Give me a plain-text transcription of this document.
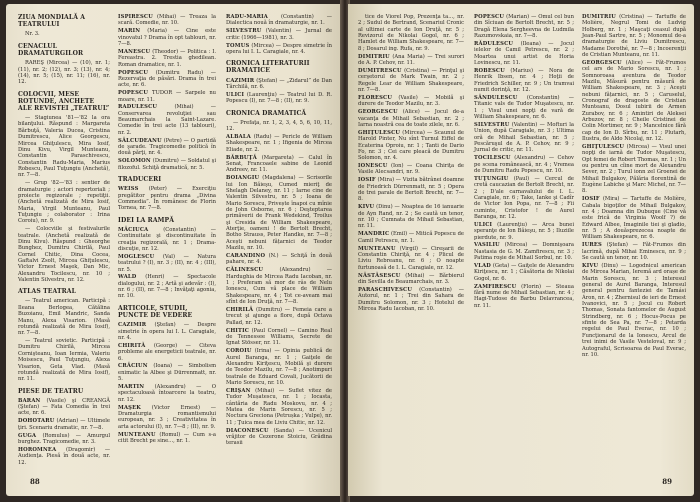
ZIUA MONDIALĂ A TEATRULUI
Nr. 3.
CENACLUL DRAMATURGILOR
RAREŞ (Mircea) — (10), nr. 1; (11), nr. 2; (12), nr. 3; (13), nr. 4; (14), nr. 5; (15), nr. 11; (16), nr. 12.
COLOCVII, MESE ROTUNDE, ANCHETE ALE REVISTEI „TEATRUL”
— Stagiunea '81—'82 la ora bilanţului. Răspund : Margareta Bărbuţă, Valeria Ducea, Cristina Dumitrescu, Alice Georgescu, Mircea Ghiţulescu, Mira Iosif, Dinu Kivu, Virgil Munteanu, Constantin Paraschivescu, Constantin Radu-Maria, Marius Robescu, Paul Tuţungiu (Anchetă), nr. 7—8.
— Grup '82—'83 : sentier de dramaturgie ; actori repertoriali ; proiecte regizorale ; repetiţii. (Anchetă realizată de Mira Iosif, Maria, Virgil Munteanu, Paul Tuţungiu ; colaborator : Irina Coroiu), nr. 9.
— Colocviile şi festivalurile teatrale. (Anchetă realizată de Dinu Kivu). Răspund : Gheorghe Bunghez, Dumitru Chirilă, Paul Cornel Chitic, Dina Cocea, Gaftalvi Zsolt, Mircea Ghiţulescu, Victor Ernest Maşek, Dan Mic, Alexandru Tocilescu, nr. 10 ; Valentin Silvestru, nr. 12.
ATLAS TEATRAL
— Teatrul american. Participă : Ileana Berlogea, Cătălina Buzoianu, Emil Mandric, Sanda Manu, Alexa Visarion. (Masă rotundă realizată de Mira Iosif), nr. 7—8.
— Teatrul sovietic. Participă : Dumitru Chirilă, Mircea Cornişteanu, Ioan Iermia, Valeriu Moisescu, Paul Tuţungiu, Alexa Visarion, Geta Vlad. (Masă rotundă realizată de Mira Iosif), nr. 11.
PIESE DE TEATRU
BARAN (Vasile) şi CREANGĂ (Ştefan) — Fata Comedia în trei acte, nr. 6.
DOHOTARU (Adrian) — Ultimele ţiri. Scenariu dramatic, nr. 7—8.
GUGA (Romulus) — Amurgul burghez. Tragicomedie, nr. 3.
HOROMNEA (Dragomir) — Audienţa. Piesă în două acte, nr. 12.
ISPIRESCU (Mihai) — Treaza la scară. Comedie, nr. 10.
MARIN (Maria) — Cine este vinovatul ? Drama în opt tablouri, nr. 7—8.
MANESCU (Theodor) — Politica : I. Fereastra. 2. Trestia ghedilean. Roman dramatice, nr. 1.
POPESCU (Dumitru Radu) — Rezervaţia de păsări. Drama în trei acte, nr. 6.
POPESCU TUDOR — Sarpele nu moare, nr. 11.
RADULESCU	(Mihai) — Conservarea revoluţiei sau Beaumarchais la Saint-Lazare. Comedie în trei acte (13 tablouri), nr. 2.
SĂLCUDEANU (Petre) — O partidă de şarade. Tragicomedie politică în două părţi, nr. 4.
SOLOMON (Dumitru) — Soldatul şi filozoful. Schiţă dramatică, nr. 5.
TRADUCERI
WEISS (Peter) — Exerciţiu pregătitor pentru drama „Divina Commedia”. În românesc de Florin Tornea, nr. 7—8.
IDEI LA RAMPĂ
MĂCIUCA	(Constantin) — Continuitate şi discontinuitate în creaţia regizorală, nr. 1 ; Drama-discuţie, nr. 12.
MOGLESCU (Val) — Natura teatrului ? (I), nr. 3 ; (II), nr. 4 ; (III), nr. 5.
WALD (Henri) — Spectacole dialogului, nr. 2 ; Artă şi adevăr : (I), nr. 6 ; (II), nr. 7—8 ; Invăţaţi agonia, nr. 10.
ARTICOLE, STUDII, PUNCTE DE VEDERE
CAZIMIR (Ştefan) — Despre simetrie în opera lui I. L. Caragiale, nr. 4.
CHIRITĂ (George) — Citeva probleme ale energeticii teatrale, nr. 6.
CRĂCIUN (Ioana) — Simbolism enimatic la Albee şi Dürrenmatt, nr. 5.
MARTIN (Alexandru) — O spectaculoasă întoarcere la teatru, nr. 12.
MAŞEK (Victor Ernest) — Dramaturgia romantismului european, nr. 3 ; Creativitatea în arta actorului (I), nr. 7—8 ; (II), nr. 9.
MUNTEANU (Romul) — Cum s-a citit Brecht pe sine..., nr. 1.
RADU-MARIA	(Constantin) — Dialectica nouă în dramaturgie, nr. 1.
SILVESTRU (Valentin) — Jurnal de critic (1966—1981), nr. 3.
TOMUS (Mircea) — Despre simetrie în opera lui I. L. Caragiale, nr. 4.
CRONICA LITERATURII DRAMATICE
CAZIMIR (Ştefan) — „Zidarul” de Dan Tărchilă, nr. 6.
ULICI (Laurenţiu) — Teatrul lui D. R. Popescu (I), nr. 7—8 ; (II), nr. 9.
CRONICA DRAMATICĂ
— Prefaţa, nr. 1, 2, 3, 4, 5, 6, 10, 11, 12.
ALBALA (Radu) — Pericle de William Shakespeare, nr. 1 ; Ifigenia de Mircea Eliade, nr. 2.
BĂRBUŢĂ (Margareta) — Calul în Senat, Francoaele sabine de Leonid Andreev, nr. 11.
BOIANGIU (Magdalena) — Scrisorile lui Ion Băieşu, Cumed mieriţ de Shelagh Delaney, nr. 11 ; Iarne cine de Valentin Silvestru, nr. 5 ; Ioana de Mario Sorescu, Privește înapoi cu mînie de John Osborne, nr. 6 ; Deşteptarea primăverii de Frank Wedekind, Troilus şi Cresida de William Shakespeare, Aterţie, oameni ! de Bertolt Brecht, Botho Strauss, Peter Handke, nr. 7—8 ; Acești nebuni fățarnici de Teodor Mazilu, nr. 10.
CARANDINO (N.) — Schiţă în două pahare, nr. 4.
CĂLINESCU	(Alexandru) — Hardughia de Mircea Radu Iacoban, nr. 1 ; Preferam să mor de râs de Nelu Ionescu, Cum vă place de William Shakespeare, nr. 4 ; Tot ce-aveam mai sfînt de Ion Druţă, nr. 7—8.
CHIRILĂ (Dumitru) — Femeia care a trecut şi ajunge a flore, după Octava Pallad, nr. 12.
CHITIC (Paul Cornel) — Camino Real de Tennessee Williams, Secrete de Ignat Stösser, nr. 11.
COROIU (Irina) — Opinia publică de Aurel Baranga, nr. 1 ; Gaiţele de Alexandru Kiriţescu, Mobilă şi durere de Teodor Mazilu, nr. 7—8 ; Anotimpuri teatrale de Eduard Covali, Jucătorii de Mario Sorescu, nr. 10.
CRIŞAN (Mihai) — Suflet vitez de Tudor Mușatescu, nr. 1 ; Iocasta, cântăria de Radu Moskovu, nr. 4 ; Matea de Marin Sorescu, nr. 5 ; Noctura Greciona (Petrușka ; Vulpe), nr. 11 ; Ţuica mea de Liviu Chitic, nr. 12.
DIACONESCU (Sanda) — Ucenicul vrăjitor de Cezerone Stoiciu, Grădina terasii
88
tice de Viorel Pop, Prezenţa ta..., nr. 2 ; Sudul de Bertrand, Scenariul Cronic al ultimei carte de Ion Druţă, nr. 5 ; Revizorul de Nikolai Gogol, nr. 6 ; Hamlet de William Shakespeare, nr. 7—8 ; Dosarul ing. Rufa, nr. 9.
DIMITRIU (Ana Maria) — Trei surori de A. P. Cehov, nr. 11.
DUMITRESCU (Cristina) — Prinţul şi cerşetorul de Mark Twain, nr. 2 ; Regele Lear de William Shakespeare, nr. 7—8.
FLORESCU (Vasile) — Mobilă şi durere de Teodor Mazilu, nr. 3.
GEORGESCU (Alice) — Jocul de-a vacanţa de Mihail Sebastian, nr. 2 ; Iarna noastră cea de toate zilele, nr. 6.
GHIŢULESCU (Mircea) — Scaunul de Harold Pinter, Nu sînt Turnul Eiffel de Ecaterina Oproiu, nr. 1 ; Tanti de Dario Fo, nr. 3 ; Cei care pleacă de Dumitru Solomon, nr. 4.
IONESCU (Ion) — Coana Chiriţa de Vasile Alecsandri, nr. 9.
IOSIF (Mira) — Vizita bătrânei doamne de Friedrich Dürrenmatt, nr. 5 ; Opera de trei parale de Bertolt Brecht, nr. 7—8.
KIVU (Dinu) — Noaptea de 16 ianuarie de Ayn Rand, nr. 2 ; Se caută un tenor, nr. 10 ; Cumnata de Mihail Sebastian, nr. 11.
MANDRIC (Emil) — Mitică Popescu de Camil Petrescu, nr. 1.
MUNTEANU (Virgil) — Cireşarii de Constantin Chiriţă, nr. 4 ; Plicul de Liviu Rebreanu, nr. 6 ; O noapte furtunoasă de I. L. Caragiale, nr. 12.
NĂSTĂSESCU (Mihai) — Bărbierul din Sevilla de Beaumarchais, nr. 3.
PARASCHIVESCU (Constantin) — Autorul, nr. 1 ; Trei din Sahara de Dumitru Solomon, nr. 3 ; Hotelul de Mircea Radu Iacoban, nr. 10.
POPESCU (Marian) — Omul cel bun din Sîciuan de Bertolt Brecht, nr. 5 ; Dragă Elena Sergheevna de Ludmila Razumovskaia, nr. 7—8.
RĂDULESCU (Ileana) — Jocul ielelor de Camil Petrescu, nr. 2 ; Moartea unui artist de Horia Lovinescu, nr. 11.
ROBESCU (Marius) — Nora de Henrik Ibsen, nr. 4 ; Hoţii de Friedrich Schiller, nr. 9 ; Un tramvai numit dorinţă, nr. 12.
SĂNDULESCU (Constantin) — Titanic vals de Tudor Muşatescu, nr. 1 ; Visul unei nopţi de vară de William Shakespeare, nr. 6.
SILVESTRU (Valentin) — Mofturi la Union, după Caragiale, nr. 3 ; Ultima oră de Mihail Sebastian, nr. 5 ; Pescăruşul de A. P. Cehov, nr. 9 ; Jurnal de critic, nr. 11.
TOCILESCU (Alexandru) — Cehov pe scena românească, nr. 4 ; Vremea de Dumitru Radu Popescu, nr. 10.
TUŢUNGIU (Paul) — Cercul de cretă caucazian de Bertolt Brecht, nr. 2 ; D'ale carnavalului de I. L. Caragiale, nr. 6 ; Take, Ianke şi Cadîr de Victor Ion Popa, nr. 7—8 ; Fii cuminte, Cristofor ! de Aurel Baranga, nr. 12.
ULICI (Laurenţiu) — Arca bunei speranţe de Ion Băieşu, nr. 5 ; Iluziile pierdute, nr. 9.
VASILIU (Mircea) — Domnişoara Nastasia de G. M. Zamfirescu, nr. 3 ; Patima roşie de Mihail Sorbul, nr. 10.
VLAD (Geta) — Gaiţele de Alexandru Kiriţescu, nr. 1 ; Căsătoria de Nikolai Gogol, nr. 6.
ZAMFIRESCU (Florin) — Steaua fără nume de Mihail Sebastian, nr. 4 ; Hagi-Tudose de Barbu Delavrancea, nr. 11.
DUMITRIU (Cristina) — Tartuffe de Molière, Negrul Tomi de Ludvig Holberg, nr. 1 ; Maşcaţi ceasul după Jean-Paul Sartre, nr. 5 ; Monomul de-a dramaturgie de Liviu Dumitrescu, Madame Dorothé, nr. 7—8 ; Incoerenţii de Cristian Munteanu, nr. 11.
GEORGESCU (Alice) — Făt-Frumos cel ars de Mario Sorescu, nr. 1 ; Somnoroasa aventura de Teodor Mazilu, Măsură pentru măsură de William Shakespeare, nr. 3 ; Acești nebuni fățarnici, nr. 5 ; Caruselul, Cronograf de dragoste de Cristian Munteanu, Dosul iubirii de Armen Zurabov, nr. 6 ; Amintiri de Aleksei Arbuzov, nr. 8 ; Cheile Cristinei de Colin Mortimer, nr. 9 ; Mancelnice fără cap de Ion D. Sîrbu, nr. 11 ; Plutarh, Ilustra, de Aldo Nicolaj, nr. 12.
GHIŢULESCU (Mircea) — Visul unei nopţi de iarnă de Tudor Muşatescu, Opt femei de Robert Thomas, nr. 1 ; Un ou pentru un cîine mort de Alexandru Sever, nr. 2 ; Turul ionn zel Groenei de Mihail Bulgakov, Pălăria florentină de Eugène Labiche şi Marc Michel, nr. 7—8.
IOSIF (Mira) — Tartuffe de Molière, Cabala bigoţilor de Mihail Bulgakov, nr. 4 ; Doamna din Dubuque (Cine vă este frică de Virginia Woolf ?) de Edward Albee, Imaginile tiei şi gladio, nr. 5 ; A douăsprezecea noapte de William Shakespeare, nr. 6.
IURES (Ştefan) — Făt-Frumos din lacrimă, după Mihai Eminescu, nr. 9 ; Se caută un tenor, nr. 10.
KIVU (Dinu) — Logodnicul american de Mircea Marian, Ieremă ard orașe de Marin Sorescu, nr. 3 ; Interesul general de Aurel Baranga, Interesul general pentru fanteziei de Tamási Áron, nr. 4 ; Zhernisul de ieri de Ernest Ivanovici, nr. 5 ; Jocul cu Robert Thomas, Sonata fantomelor de August Strindberg, nr. 6 ; Hocus-Pocus pe sfinte de Sea Pa, nr. 7—8 ; Petarda regelui de Paul Everac, nr. 10 ; Funcţionarul de la Ionescu, Arcul de trei inimi de Vasile Vesteloval, nr. 9 ; Autograful, Scrisoarea de Paul Everac, nr. 10.
89
